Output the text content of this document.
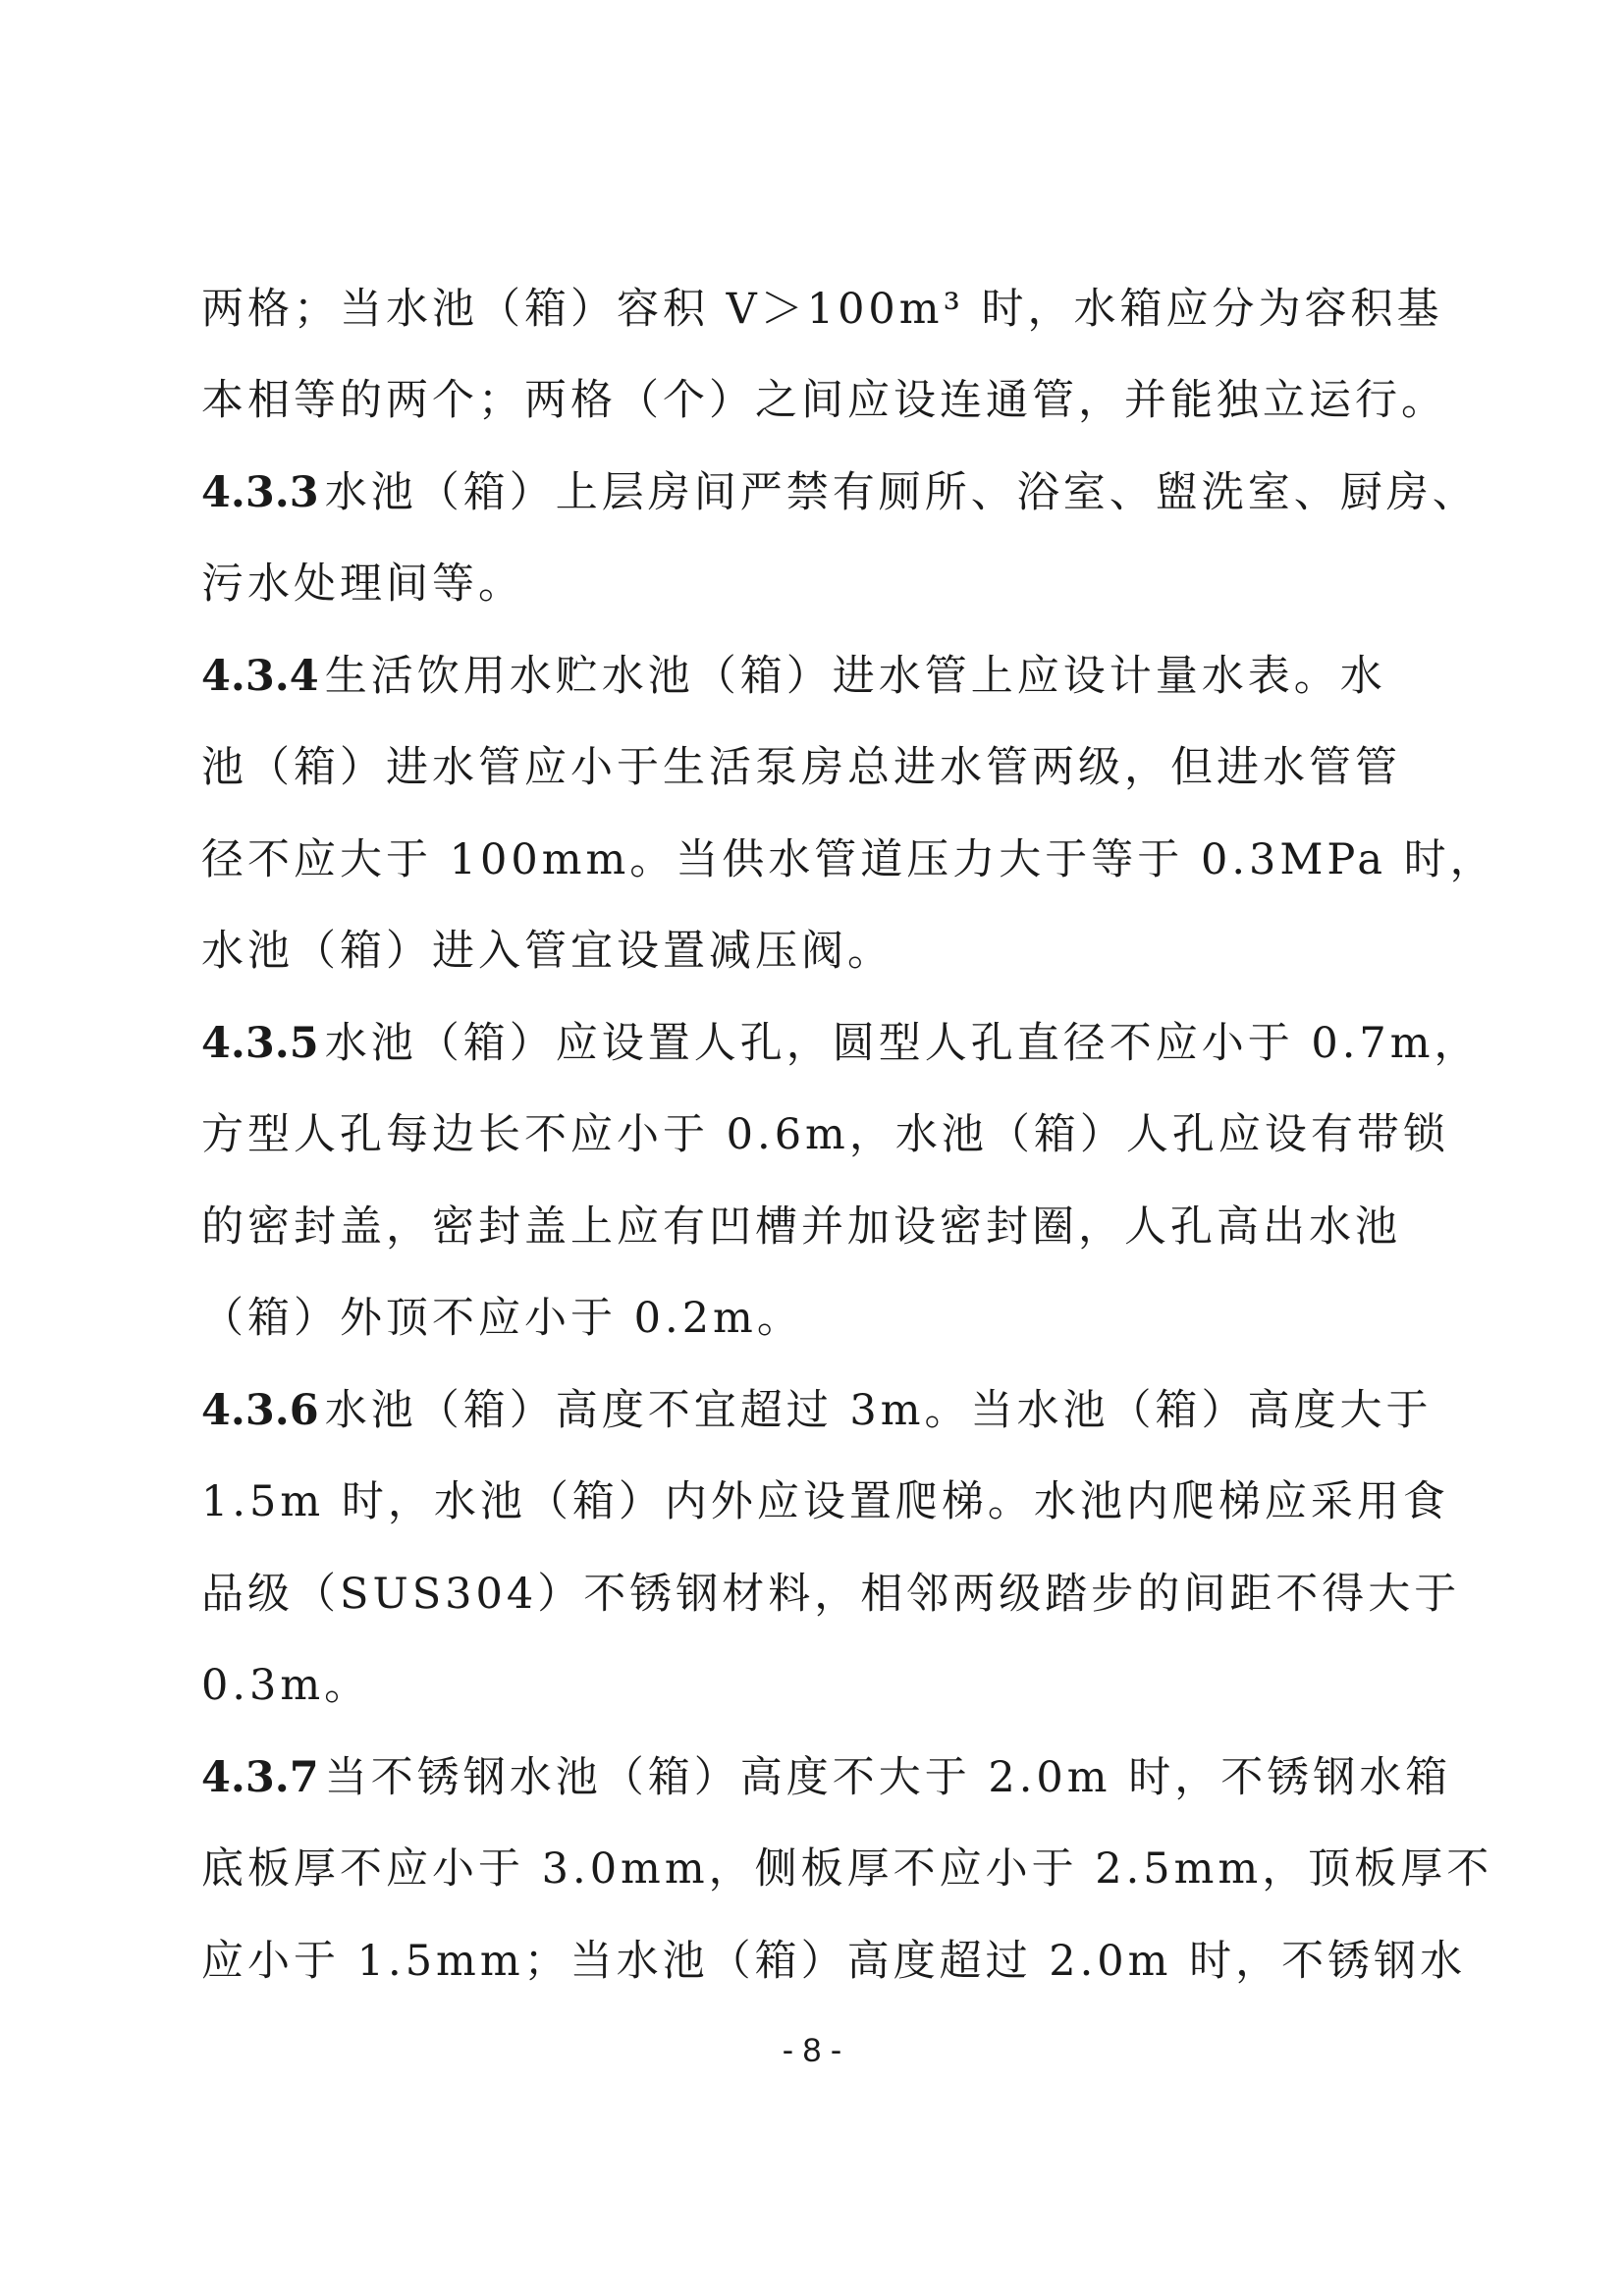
两格；当水池（箱）容积 V＞100m³ 时，水箱应分为容积基
本相等的两个；两格（个）之间应设连通管，并能独立运行。
4.3.3 水池（箱）上层房间严禁有厕所、浴室、盥洗室、厨房、
污水处理间等。
4.3.4 生活饮用水贮水池（箱）进水管上应设计量水表。水
池（箱）进水管应小于生活泵房总进水管两级，但进水管管
径不应大于 100mm。当供水管道压力大于等于 0.3MPa 时，
水池（箱）进入管宜设置减压阀。
4.3.5 水池（箱）应设置人孔，圆型人孔直径不应小于 0.7m，
方型人孔每边长不应小于 0.6m，水池（箱）人孔应设有带锁
的密封盖，密封盖上应有凹槽并加设密封圈，人孔高出水池
（箱）外顶不应小于 0.2m。
4.3.6 水池（箱）高度不宜超过 3m。当水池（箱）高度大于
1.5m 时，水池（箱）内外应设置爬梯。水池内爬梯应采用食
品级（SUS304）不锈钢材料，相邻两级踏步的间距不得大于
0.3m。
4.3.7 当不锈钢水池（箱）高度不大于 2.0m 时，不锈钢水箱
底板厚不应小于 3.0mm，侧板厚不应小于 2.5mm，顶板厚不
应小于 1.5mm；当水池（箱）高度超过 2.0m 时，不锈钢水
- 8 -
